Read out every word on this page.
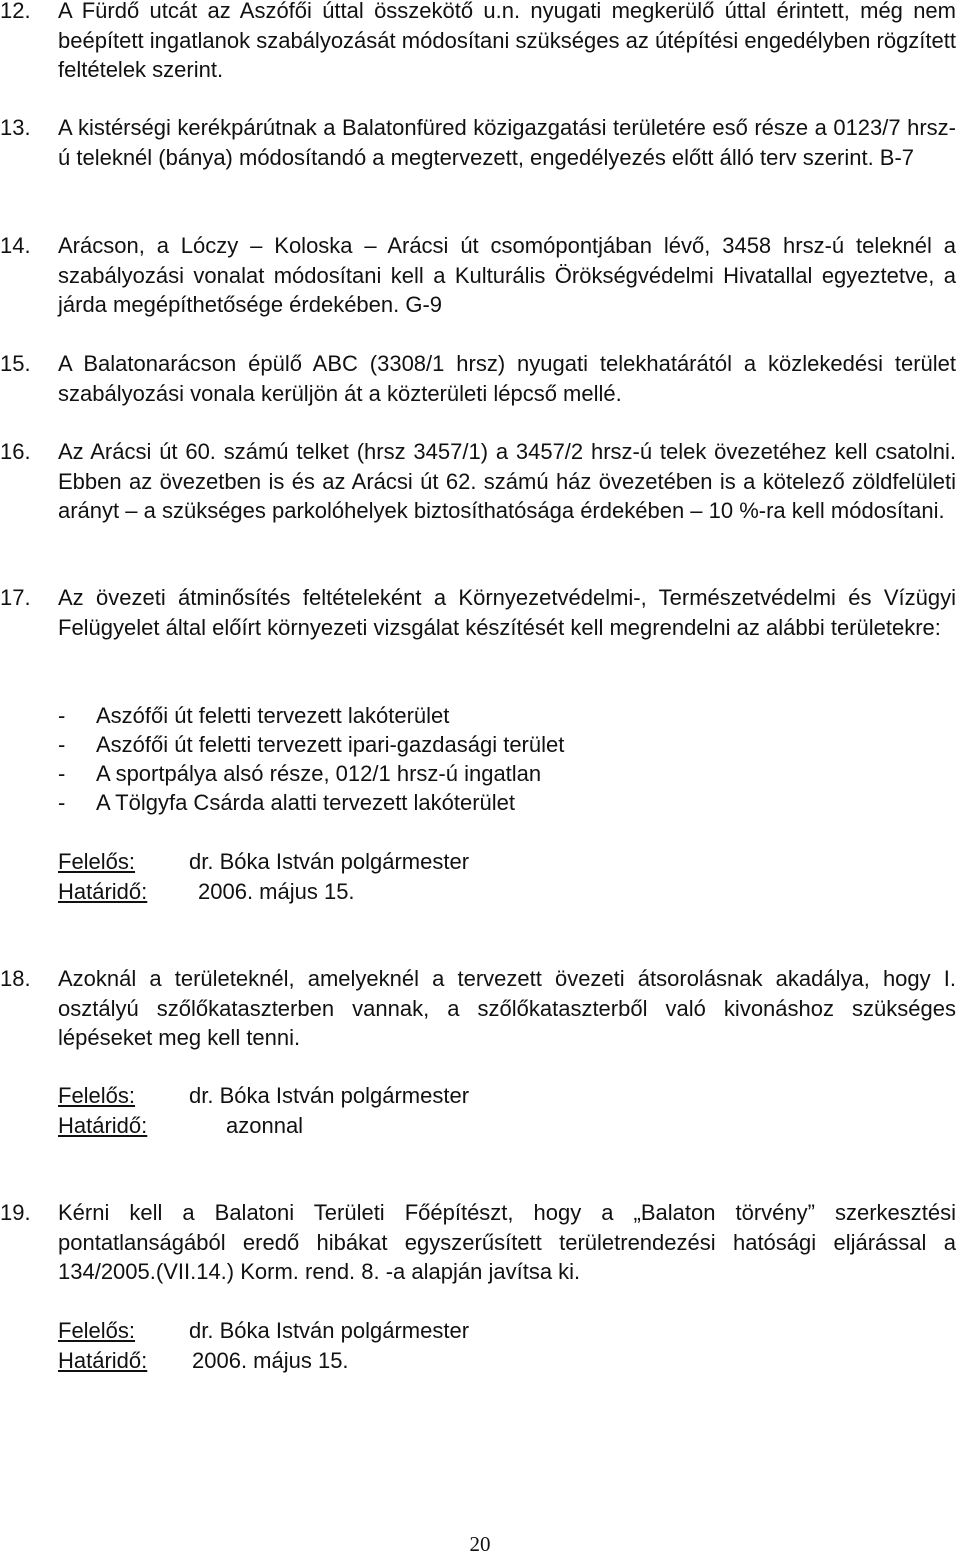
12.	A Fürdő utcát az Aszófői úttal összekötő u.n. nyugati megkerülő úttal érintett, még nem beépített ingatlanok szabályozását módosítani szükséges az útépítési engedélyben rögzített feltételek szerint.
13.	A kistérségi kerékpárútnak a Balatonfüred közigazgatási területére eső része a 0123/7 hrsz-ú teleknél (bánya) módosítandó a megtervezett, engedélyezés előtt álló terv szerint. B-7
14.	Arácson, a Lóczy – Koloska – Arácsi út csomópontjában lévő, 3458 hrsz-ú teleknél a szabályozási vonalat módosítani kell a Kulturális Örökségvédelmi Hivatallal egyeztetve, a járda megépíthetősége érdekében. G-9
15.	A Balatonarácson épülő ABC (3308/1 hrsz) nyugati telekhatárától a közlekedési terület szabályozási vonala kerüljön át a közterületi lépcső mellé.
16.	Az Arácsi út 60. számú telket (hrsz 3457/1) a 3457/2 hrsz-ú telek övezetéhez kell csatolni. Ebben az övezetben is és az Arácsi út 62. számú ház övezetében is a kötelező zöldfelületi arányt – a szükséges parkolóhelyek biztosíthatósága érdekében – 10 %-ra kell módosítani.
17.	Az övezeti átminősítés feltételeként a Környezetvédelmi-, Természetvédelmi és Vízügyi Felügyelet által előírt környezeti vizsgálat készítését kell megrendelni az alábbi területekre:
-	Aszófői út feletti tervezett lakóterület
-	Aszófői út feletti tervezett ipari-gazdasági terület
-	A sportpálya alsó része, 012/1 hrsz-ú ingatlan
-	A Tölgyfa Csárda alatti tervezett lakóterület
Felelős: dr. Bóka István polgármester
Határidő: 2006. május 15.
18.	Azoknál a területeknél, amelyeknél a tervezett övezeti átsorolásnak akadálya, hogy I. osztályú szőlőkataszterben vannak, a szőlőkataszterből való kivonáshoz szükséges lépéseket meg kell tenni.
Felelős: dr. Bóka István polgármester
Határidő:	azonnal
19.	Kérni kell a Balatoni Területi Főépítészt, hogy a „Balaton törvény” szerkesztési pontatlanságából eredő hibákat egyszerűsített területrendezési hatósági eljárással a 134/2005.(VII.14.) Korm. rend. 8. -a alapján javítsa ki.
Felelős: dr. Bóka István polgármester
Határidő: 2006. május 15.
20
